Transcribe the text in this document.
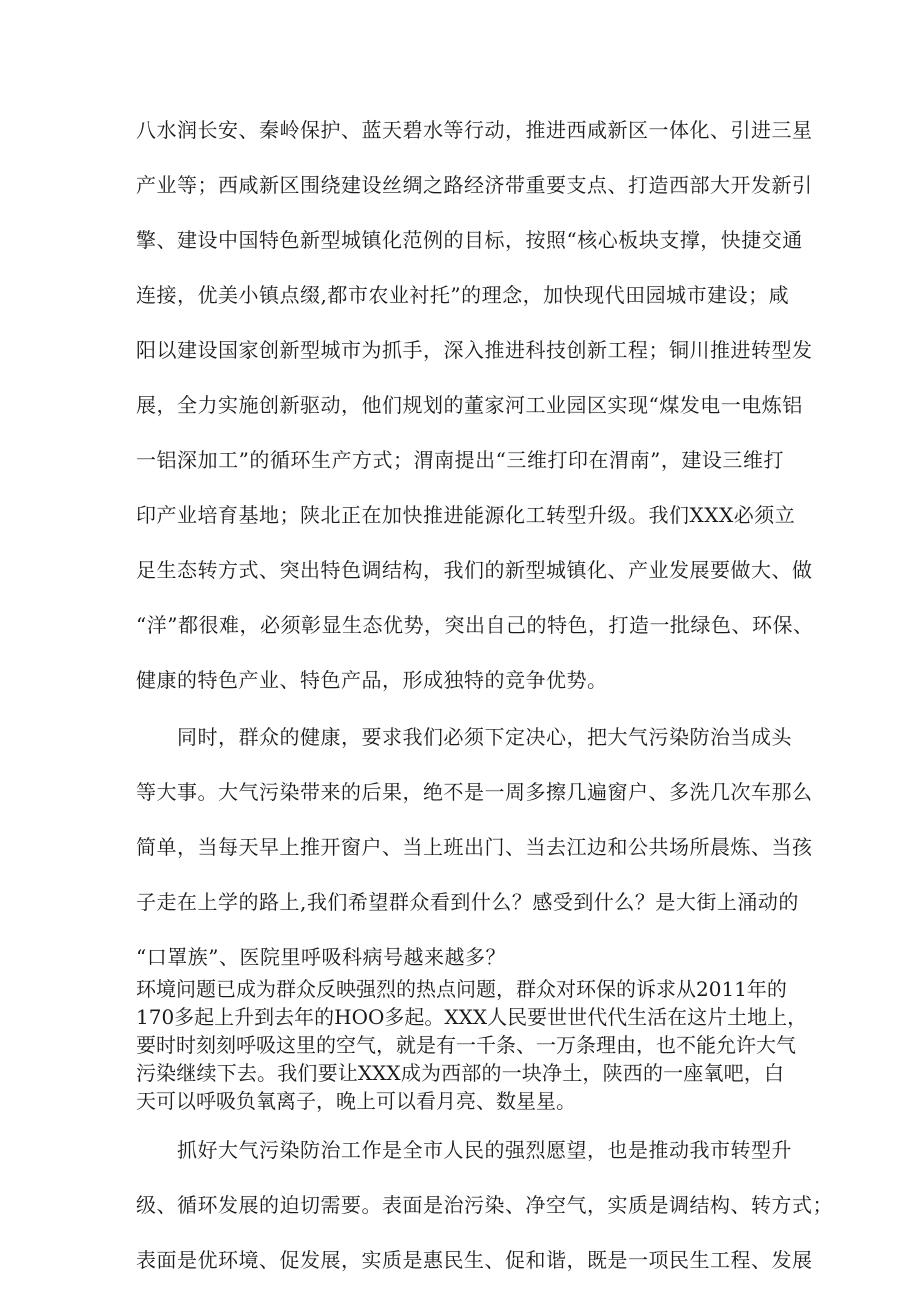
八水润长安、秦岭保护、蓝天碧水等行动，推进西咸新区一体化、引进三星
产业等；西咸新区围绕建设丝绸之路经济带重要支点、打造西部大开发新引
擎、建设中国特色新型城镇化范例的目标，按照“核心板块支撑，快捷交通
连接，优美小镇点缀,都市农业衬托”的理念，加快现代田园城市建设；咸
阳以建设国家创新型城市为抓手，深入推进科技创新工程；铜川推进转型发
展，全力实施创新驱动，他们规划的董家河工业园区实现“煤发电一电炼铝
一铝深加工”的循环生产方式；渭南提出“三维打印在渭南”，建设三维打
印产业培育基地；陕北正在加快推进能源化工转型升级。我们XXX必须立
足生态转方式、突出特色调结构，我们的新型城镇化、产业发展要做大、做
“洋”都很难，必须彰显生态优势，突出自己的特色，打造一批绿色、环保、
健康的特色产业、特色产品，形成独特的竞争优势。
同时，群众的健康，要求我们必须下定决心，把大气污染防治当成头
等大事。大气污染带来的后果，绝不是一周多擦几遍窗户、多洗几次车那么
简单，当每天早上推开窗户、当上班出门、当去江边和公共场所晨炼、当孩
子走在上学的路上,我们希望群众看到什么？感受到什么？是大街上涌动的
“口罩族”、医院里呼吸科病号越来越多？
环境问题已成为群众反映强烈的热点问题，群众对环保的诉求从2011年的
170多起上升到去年的HOO多起。XXX人民要世世代代生活在这片土地上，
要时时刻刻呼吸这里的空气，就是有一千条、一万条理由，也不能允许大气
污染继续下去。我们要让XXX成为西部的一块净土，陕西的一座氧吧，白
天可以呼吸负氧离子，晚上可以看月亮、数星星。
抓好大气污染防治工作是全市人民的强烈愿望，也是推动我市转型升
级、循环发展的迫切需要。表面是治污染、净空气，实质是调结构、转方式；
表面是优环境、促发展，实质是惠民生、促和谐，既是一项民生工程、发展
